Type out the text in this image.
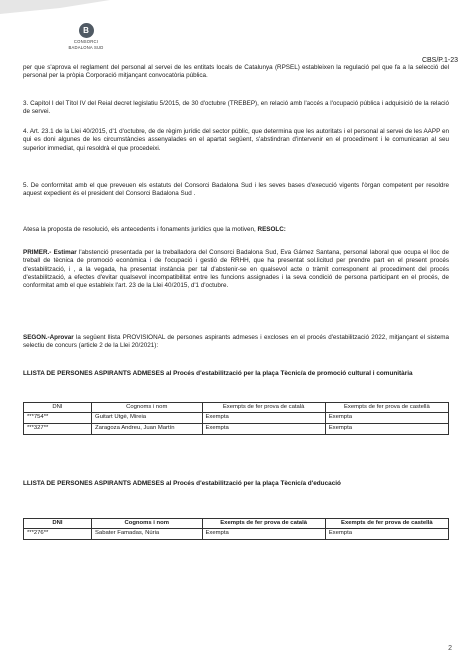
B
CONSORCI
BADALONA SUD
CBS/P.1-23
per que s'aprova el reglament del personal al servei de les entitats locals de Catalunya (RPSEL) estableixen la regulació pel que fa a la selecció del personal per la pròpia Corporació mitjançant convocatòria pública.
3. Capítol I del Títol IV del Reial decret legislatiu 5/2015, de 30 d'octubre (TREBEP), en relació amb l'accés a l'ocupació pública i adquisició de la relació de servei.
4. Art. 23.1 de la Llei 40/2015, d'1 d'octubre, de de règim jurídic del sector públic, que determina que les autoritats i el personal al servei de les AAPP en qui es doni algunes de les circumstàncies assenyalades en el apartat següent, s'abstindran d'intervenir en el procediment i le comunicaran al seu superior immediat, qui resoldrà el que procedeixi.
5. De conformitat amb el que preveuen els estatuts del Consorci Badalona Sud i les seves bases d'execució vigents l'òrgan competent per resoldre aquest expedient és el president del Consorci Badalona Sud .
Atesa la proposta de resolució, els antecedents i fonaments jurídics que la motiven, RESOLC:
PRIMER.- Estimar l'abstenció presentada per la treballadora del Consorci Badalona Sud, Eva Gámez Santana, personal laboral que ocupa el lloc de treball de tècnica de promoció econòmica i de l'ocupació i gestió de RRHH, que ha presentat sol.licitud per prendre part en el present procés d'estabilització, i , a la vegada, ha presentat instància per tal d'abstenir-se en qualsevol acte o tràmit corresponent al procediment del procés d'estabilització, a efectes d'evitar qualsevol incompatibilitat entre les funcions assignades i la seva condició de persona participant en el procés, de conformitat amb el que estableix l'art. 23 de la Llei 40/2015, d'1 d'octubre.
SEGON.-Aprovar la següent llista PROVISIONAL de persones aspirants admeses i excloses en el procés d'estabilització 2022, mitjançant el sistema selectiu de concurs (article 2 de la Llei 20/2021):
LLISTA DE PERSONES ASPIRANTS ADMESES al Procés d'estabilització per la plaça Tècnic/a de promoció cultural i comunitària
DNI	Cognoms i nom	Exempts de fer prova de català	Exempts de fer prova de castellà
***754**	Guitart Utgè, Mireia	Exempta	Exempta
***327**	Zaragoza Andreu, Juan Martín	Exempta	Exempta
LLISTA DE PERSONES ASPIRANTS ADMESES al Procés d'estabilització per la plaça Tècnic/a d'educació
DNI	Cognoms i nom	Exempts de fer prova de català	Exempts de fer prova de castellà
***276**	Sabater Famadas, Núria	Exempta	Exempta
2
